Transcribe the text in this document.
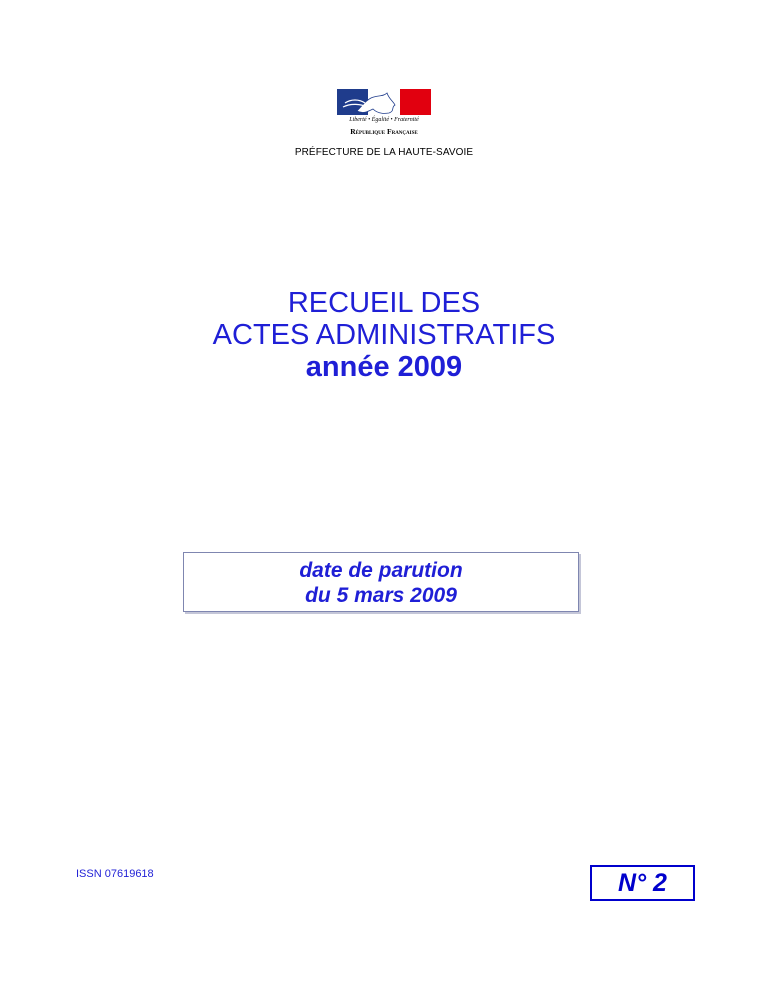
Liberté • Égalité • Fraternité
République Française
PRÉFECTURE DE LA HAUTE-SAVOIE
RECUEIL DES
ACTES ADMINISTRATIFS
année 2009
date de parution
du 5 mars 2009
ISSN 07619618	N° 2
